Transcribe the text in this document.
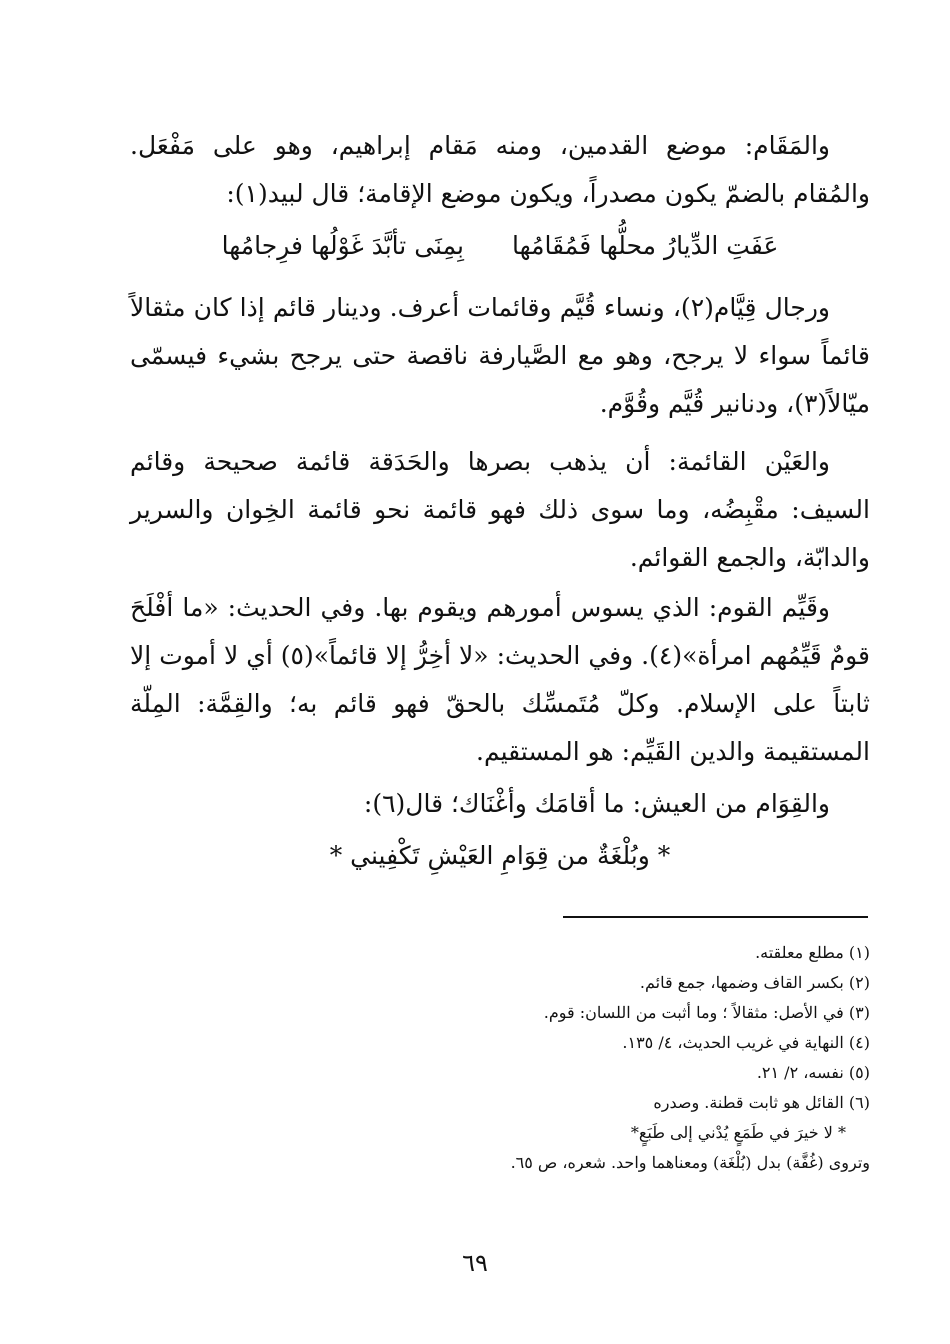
والمَقَام: موضع القدمين، ومنه مَقام إبراهيم، وهو على مَفْعَل. والمُقام بالضمّ يكون مصدراً، ويكون موضع الإقامة؛ قال لبيد(١):

عَفَتِ الدِّيارُ محلُّها فَمُقَامُها بِمِنَى تأبَّدَ غَوْلُها فرِجامُها

ورجال قِيَّام(٢)، ونساء قُيَّم وقائمات أعرف. ودينار قائم إذا كان مثقالاً قائماً سواء لا يرجح، وهو مع الصَّيارفة ناقصة حتى يرجح بشيء فيسمّى ميّالاً(٣)، ودنانير قُيَّم وقُوَّم.

والعَيْن القائمة: أن يذهب بصرها والحَدَقة قائمة صحيحة وقائم السيف: مقْبِضُه، وما سوى ذلك فهو قائمة نحو قائمة الخِوان والسرير والدابّة، والجمع القوائم.

وقَيِّم القوم: الذي يسوس أمورهم ويقوم بها. وفي الحديث: «ما أفْلَحَ قومٌ قَيِّمُهم امرأة»(٤). وفي الحديث: «لا أخِرُّ إلا قائماً»(٥) أي لا أموت إلا ثابتاً على الإسلام. وكلّ مُتَمسِّك بالحقّ فهو قائم به؛ والقِمَّة: المِلّة المستقيمة والدين القَيِّم: هو المستقيم.

والقِوَام من العيش: ما أقامَك وأغْنَاك؛ قال(٦):

* وبُلْغَةٌ من قِوَامِ العَيْشِ تَكْفِيني *

(١) مطلع معلقته.

(٢) بكسر القاف وضمها، جمع قائم.

(٣) في الأصل: مثقالاً ؛ وما أثبت من اللسان: قوم.

(٤) النهاية في غريب الحديث، ٤/ ١٣٥.

(٥) نفسه، ٢/ ٢١.

(٦) القائل هو ثابت قطنة. وصدره

* لا خيرَ في طَمَعٍ يُدْني إلى طَبَعٍ*

وتروى (غُفَّة) بدل (بُلْغَة) ومعناهما واحد. شعره، ص ٦٥.

٦٩
